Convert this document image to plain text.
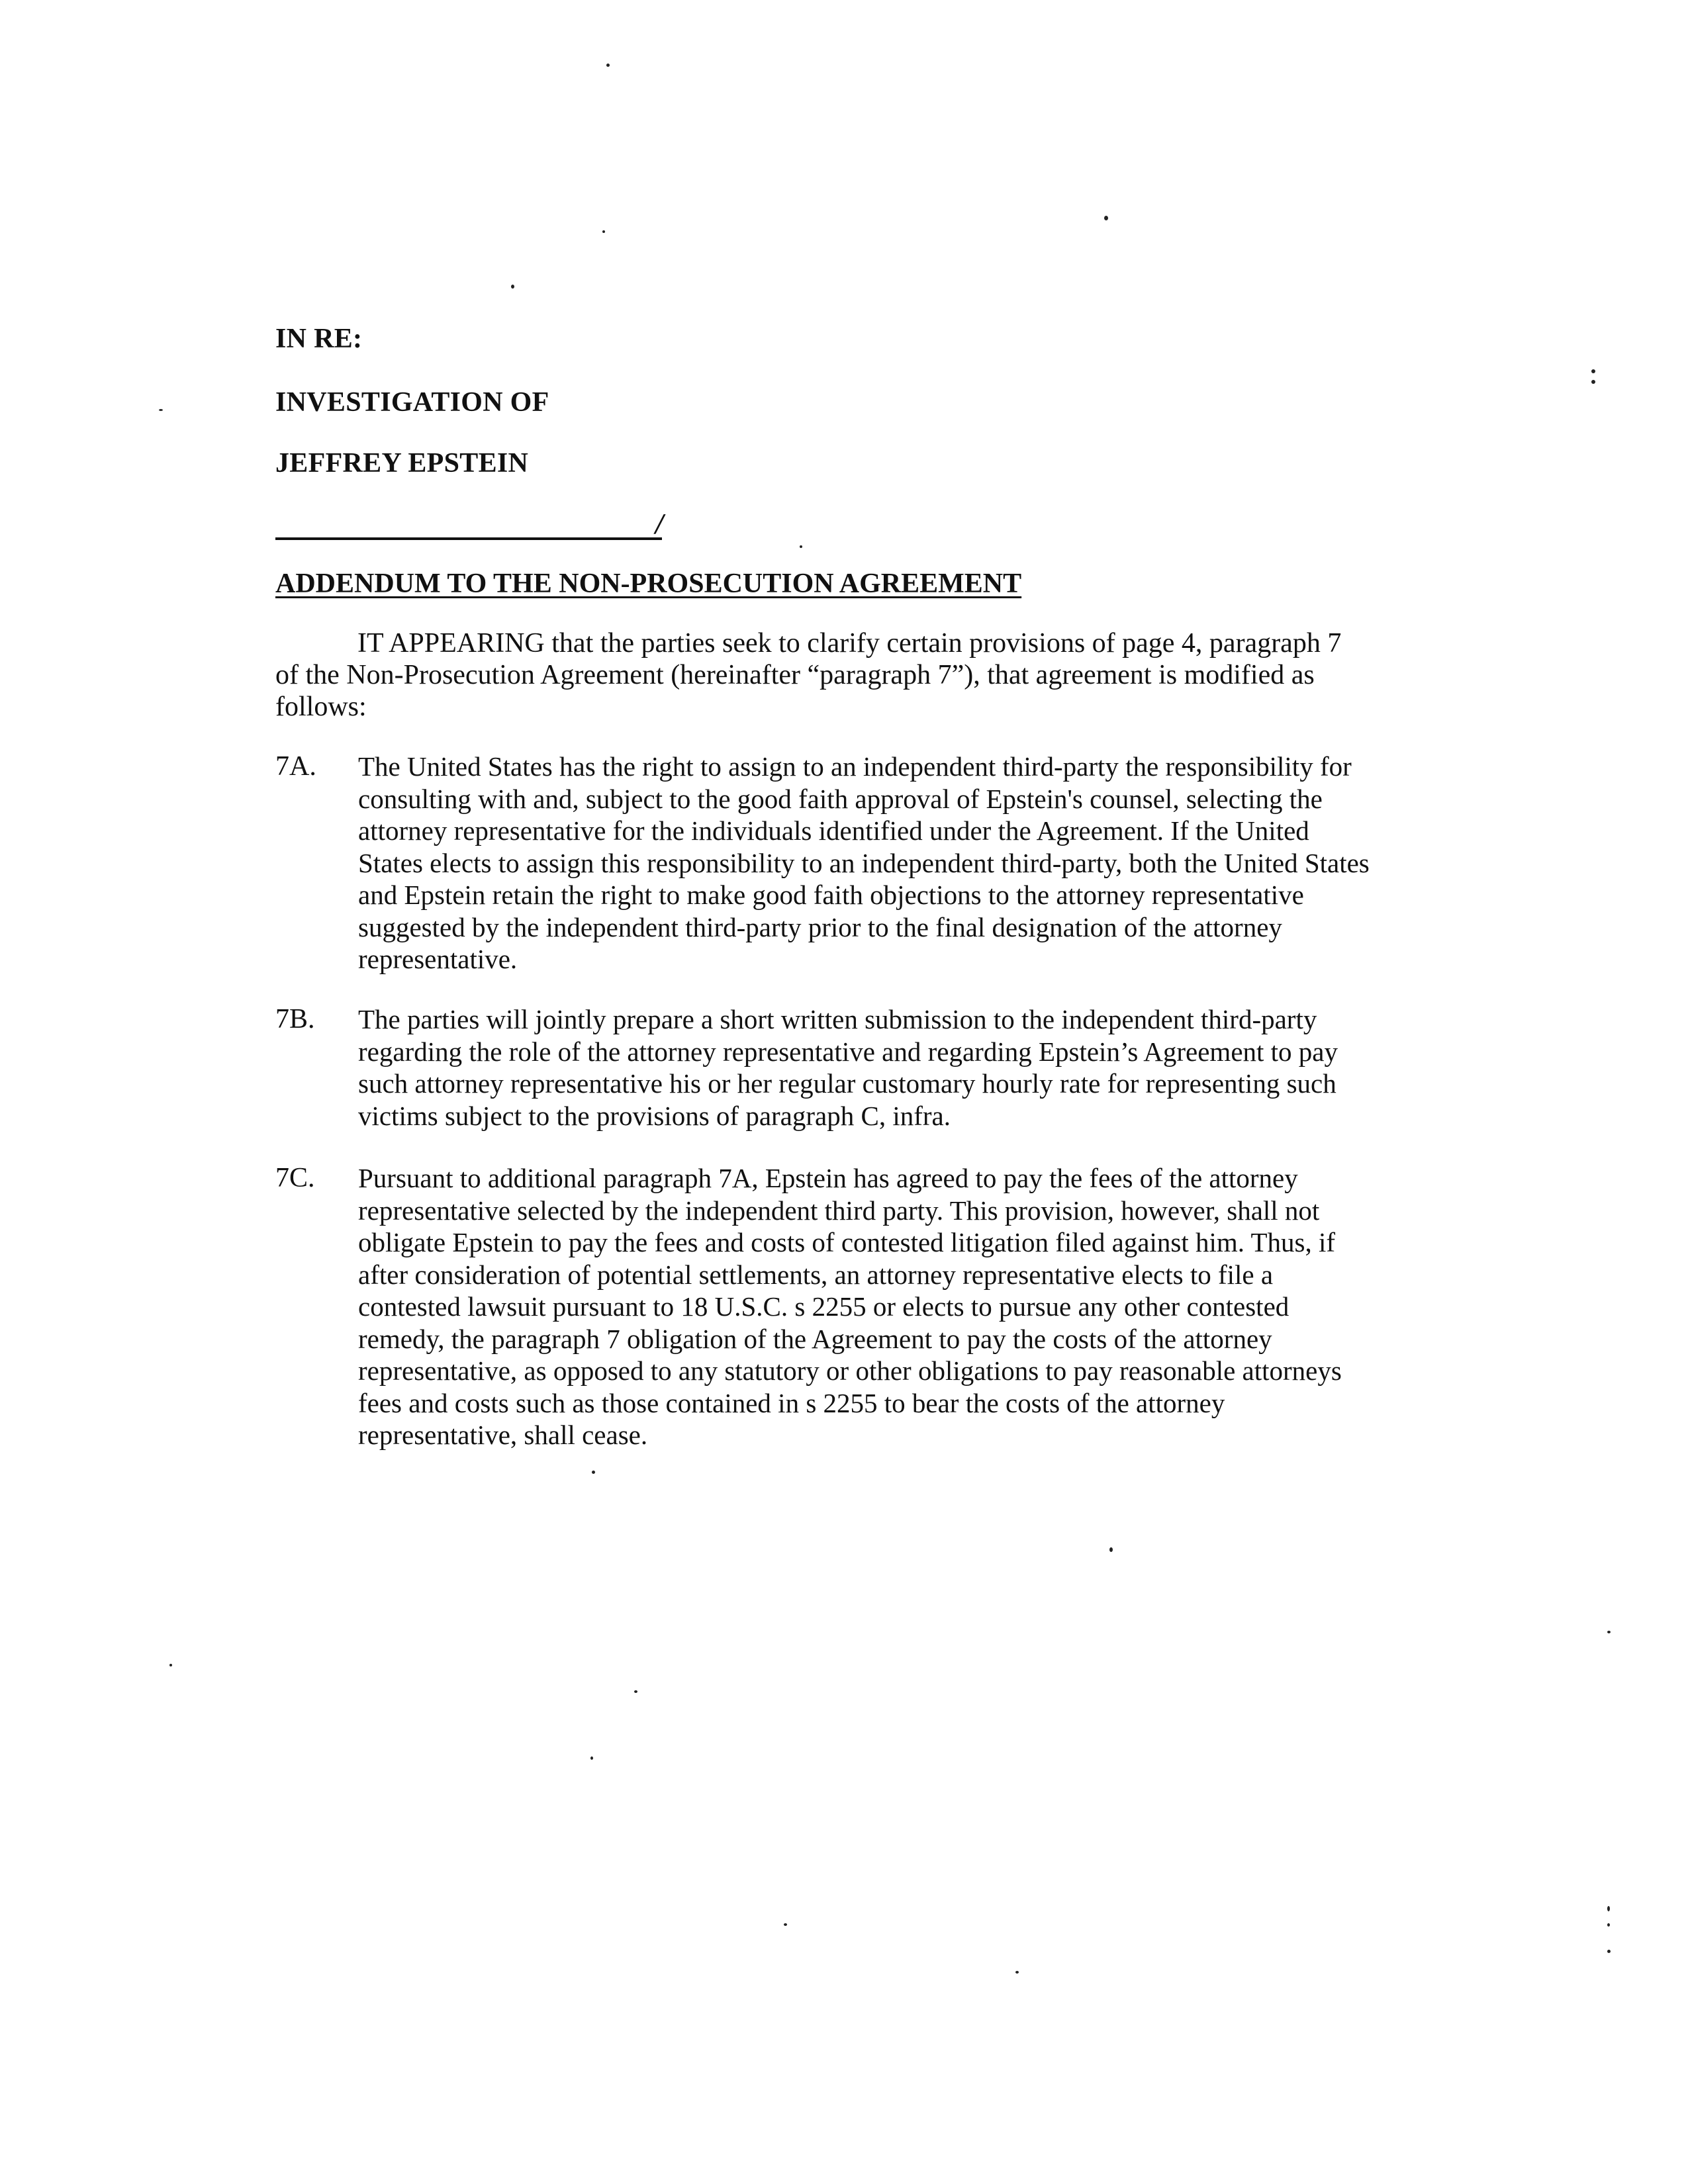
IN RE:
INVESTIGATION OF
JEFFREY EPSTEIN
/
ADDENDUM TO THE NON-PROSECUTION AGREEMENT
IT APPEARING that the parties seek to clarify certain provisions of page 4, paragraph 7 of the Non-Prosecution Agreement (hereinafter “paragraph 7”), that agreement is modified as follows:
7A. The United States has the right to assign to an independent third-party the responsibility for consulting with and, subject to the good faith approval of Epstein's counsel, selecting the attorney representative for the individuals identified under the Agreement. If the United States elects to assign this responsibility to an independent third-party, both the United States and Epstein retain the right to make good faith objections to the attorney representative suggested by the independent third-party prior to the final designation of the attorney representative.
7B. The parties will jointly prepare a short written submission to the independent third-party regarding the role of the attorney representative and regarding Epstein’s Agreement to pay such attorney representative his or her regular customary hourly rate for representing such victims subject to the provisions of paragraph C, infra.
7C. Pursuant to additional paragraph 7A, Epstein has agreed to pay the fees of the attorney representative selected by the independent third party. This provision, however, shall not obligate Epstein to pay the fees and costs of contested litigation filed against him. Thus, if after consideration of potential settlements, an attorney representative elects to file a contested lawsuit pursuant to 18 U.S.C. s 2255 or elects to pursue any other contested remedy, the paragraph 7 obligation of the Agreement to pay the costs of the attorney representative, as opposed to any statutory or other obligations to pay reasonable attorneys fees and costs such as those contained in s 2255 to bear the costs of the attorney representative, shall cease.
